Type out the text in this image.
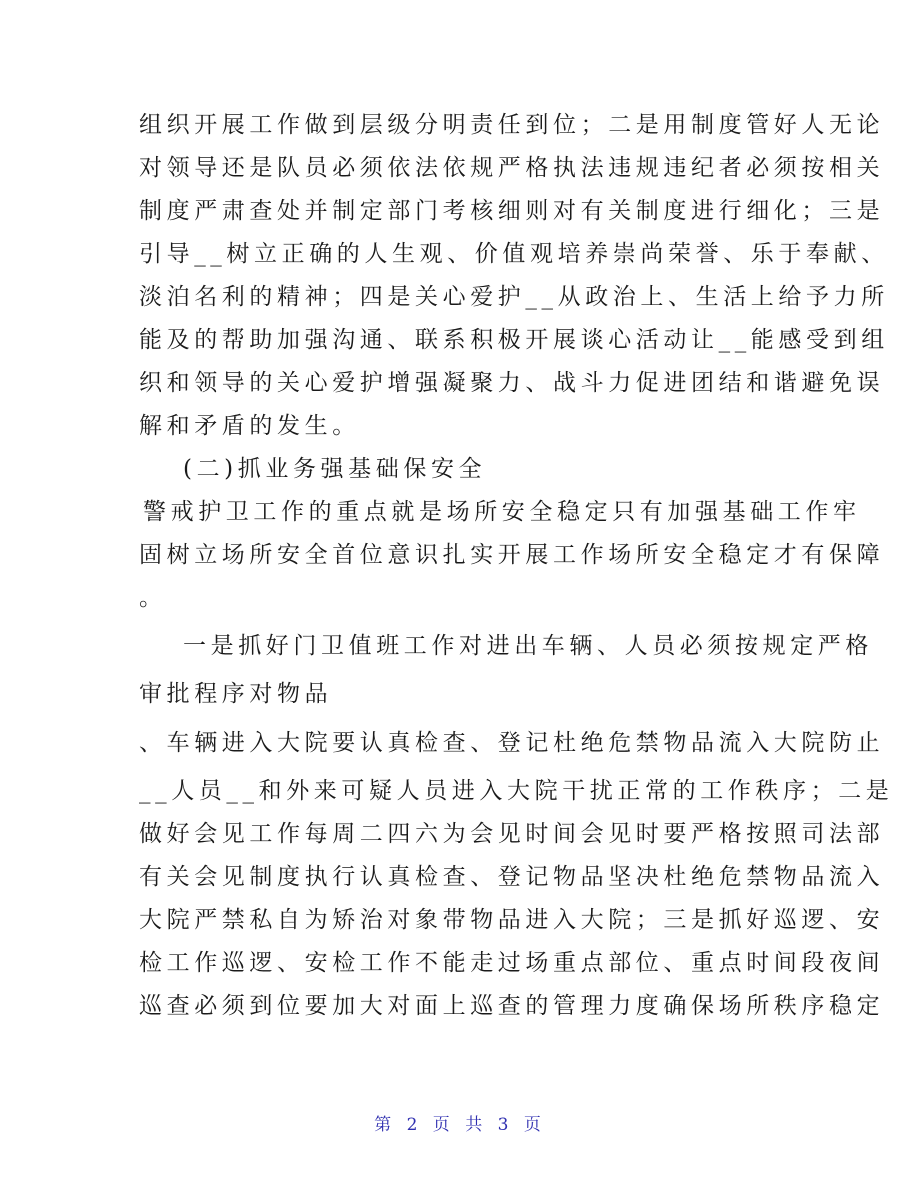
组织开展工作做到层级分明责任到位；二是用制度管好人无论
对领导还是队员必须依法依规严格执法违规违纪者必须按相关
制度严肃查处并制定部门考核细则对有关制度进行细化；三是
引导__树立正确的人生观、价值观培养崇尚荣誉、乐于奉献、
淡泊名利的精神；四是关心爱护__从政治上、生活上给予力所
能及的帮助加强沟通、联系积极开展谈心活动让__能感受到组
织和领导的关心爱护增强凝聚力、战斗力促进团结和谐避免误
解和矛盾的发生。
(二)抓业务强基础保安全
警戒护卫工作的重点就是场所安全稳定只有加强基础工作牢
固树立场所安全首位意识扎实开展工作场所安全稳定才有保障
。
一是抓好门卫值班工作对进出车辆、人员必须按规定严格
审批程序对物品
、车辆进入大院要认真检查、登记杜绝危禁物品流入大院防止
__人员__和外来可疑人员进入大院干扰正常的工作秩序；二是
做好会见工作每周二四六为会见时间会见时要严格按照司法部
有关会见制度执行认真检查、登记物品坚决杜绝危禁物品流入
大院严禁私自为矫治对象带物品进入大院；三是抓好巡逻、安
检工作巡逻、安检工作不能走过场重点部位、重点时间段夜间
巡查必须到位要加大对面上巡查的管理力度确保场所秩序稳定
第 2 页 共 3 页
